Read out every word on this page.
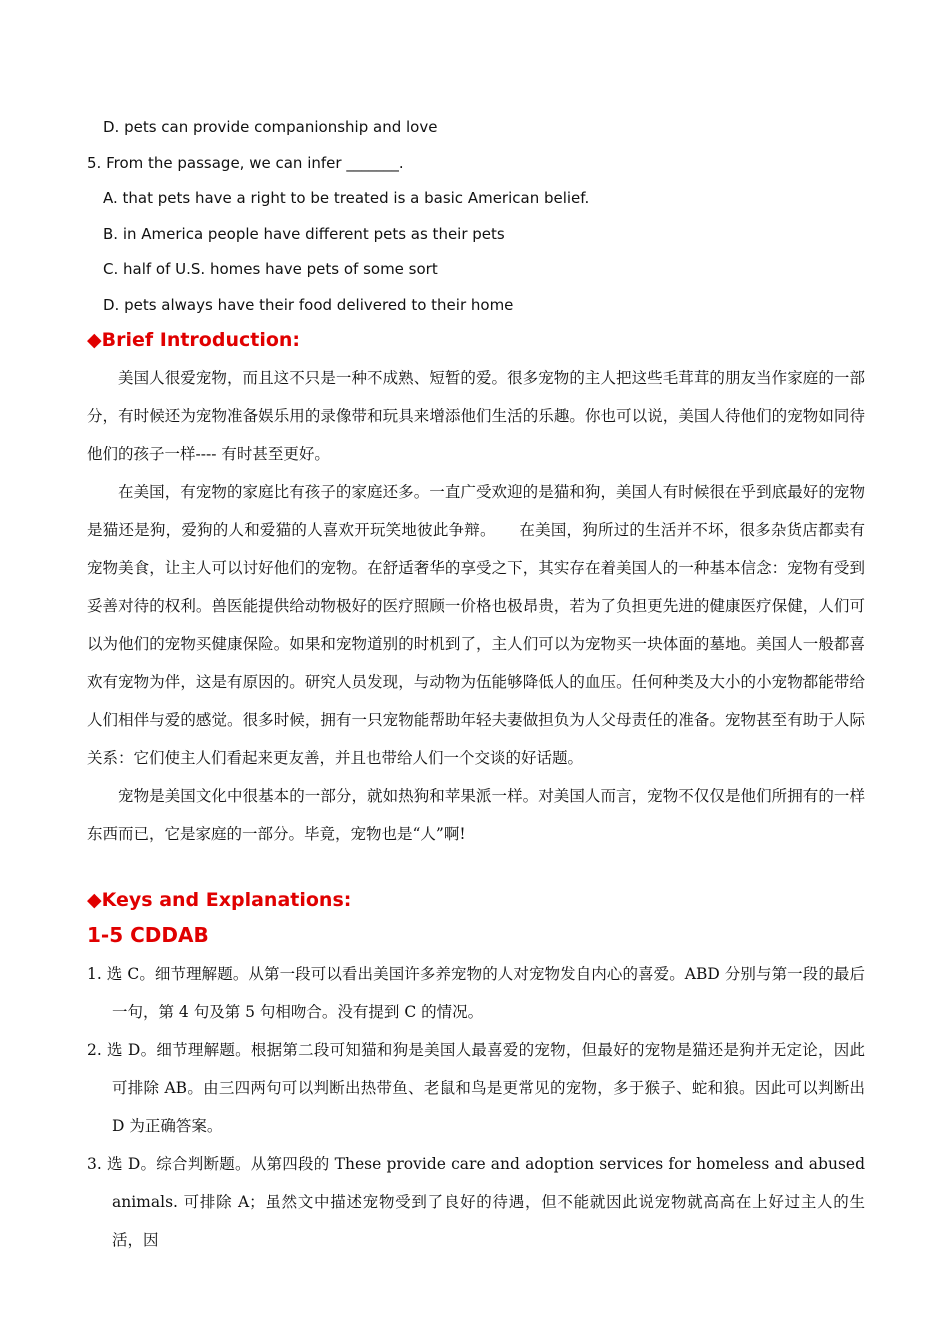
D. pets can provide companionship and love
5. From the passage, we can infer _______.
A. that pets have a right to be treated is a basic American belief.
B. in America people have different pets as their pets
C. half of U.S. homes have pets of some sort
D. pets always have their food delivered to their home
◆Brief Introduction:

美国人很爱宠物，而且这不只是一种不成熟、短暂的爱。很多宠物的主人把这些毛茸茸的朋友当作家庭的一部分，有时候还为宠物准备娱乐用的录像带和玩具来增添他们生活的乐趣。你也可以说，美国人待他们的宠物如同待他们的孩子一样---- 有时甚至更好。

在美国，有宠物的家庭比有孩子的家庭还多。一直广受欢迎的是猫和狗，美国人有时候很在乎到底最好的宠物是猫还是狗，爱狗的人和爱猫的人喜欢开玩笑地彼此争辩。　　在美国，狗所过的生活并不坏，很多杂货店都卖有宠物美食，让主人可以讨好他们的宠物。在舒适奢华的享受之下，其实存在着美国人的一种基本信念：宠物有受到妥善对待的权利。兽医能提供给动物极好的医疗照顾一价格也极昂贵，若为了负担更先进的健康医疗保健，人们可以为他们的宠物买健康保险。如果和宠物道别的时机到了，主人们可以为宠物买一块体面的墓地。美国人一般都喜欢有宠物为伴，这是有原因的。研究人员发现，与动物为伍能够降低人的血压。任何种类及大小的小宠物都能带给人们相伴与爱的感觉。很多时候，拥有一只宠物能帮助年轻夫妻做担负为人父母责任的准备。宠物甚至有助于人际关系：它们使主人们看起来更友善，并且也带给人们一个交谈的好话题。

宠物是美国文化中很基本的一部分，就如热狗和苹果派一样。对美国人而言，宠物不仅仅是他们所拥有的一样东西而已，它是家庭的一部分。毕竟，宠物也是“人”啊!

◆Keys and Explanations:
1-5 CDDAB
1. 选 C。细节理解题。从第一段可以看出美国许多养宠物的人对宠物发自内心的喜爱。ABD 分别与第一段的最后一句，第 4 句及第 5 句相吻合。没有提到 C 的情况。
2. 选 D。细节理解题。根据第二段可知猫和狗是美国人最喜爱的宠物，但最好的宠物是猫还是狗并无定论，因此可排除 AB。由三四两句可以判断出热带鱼、老鼠和鸟是更常见的宠物，多于猴子、蛇和狼。因此可以判断出 D 为正确答案。
3. 选 D。综合判断题。从第四段的 These provide care and adoption services for homeless and abused animals. 可排除 A；虽然文中描述宠物受到了良好的待遇，但不能就因此说宠物就高高在上好过主人的生活，因
